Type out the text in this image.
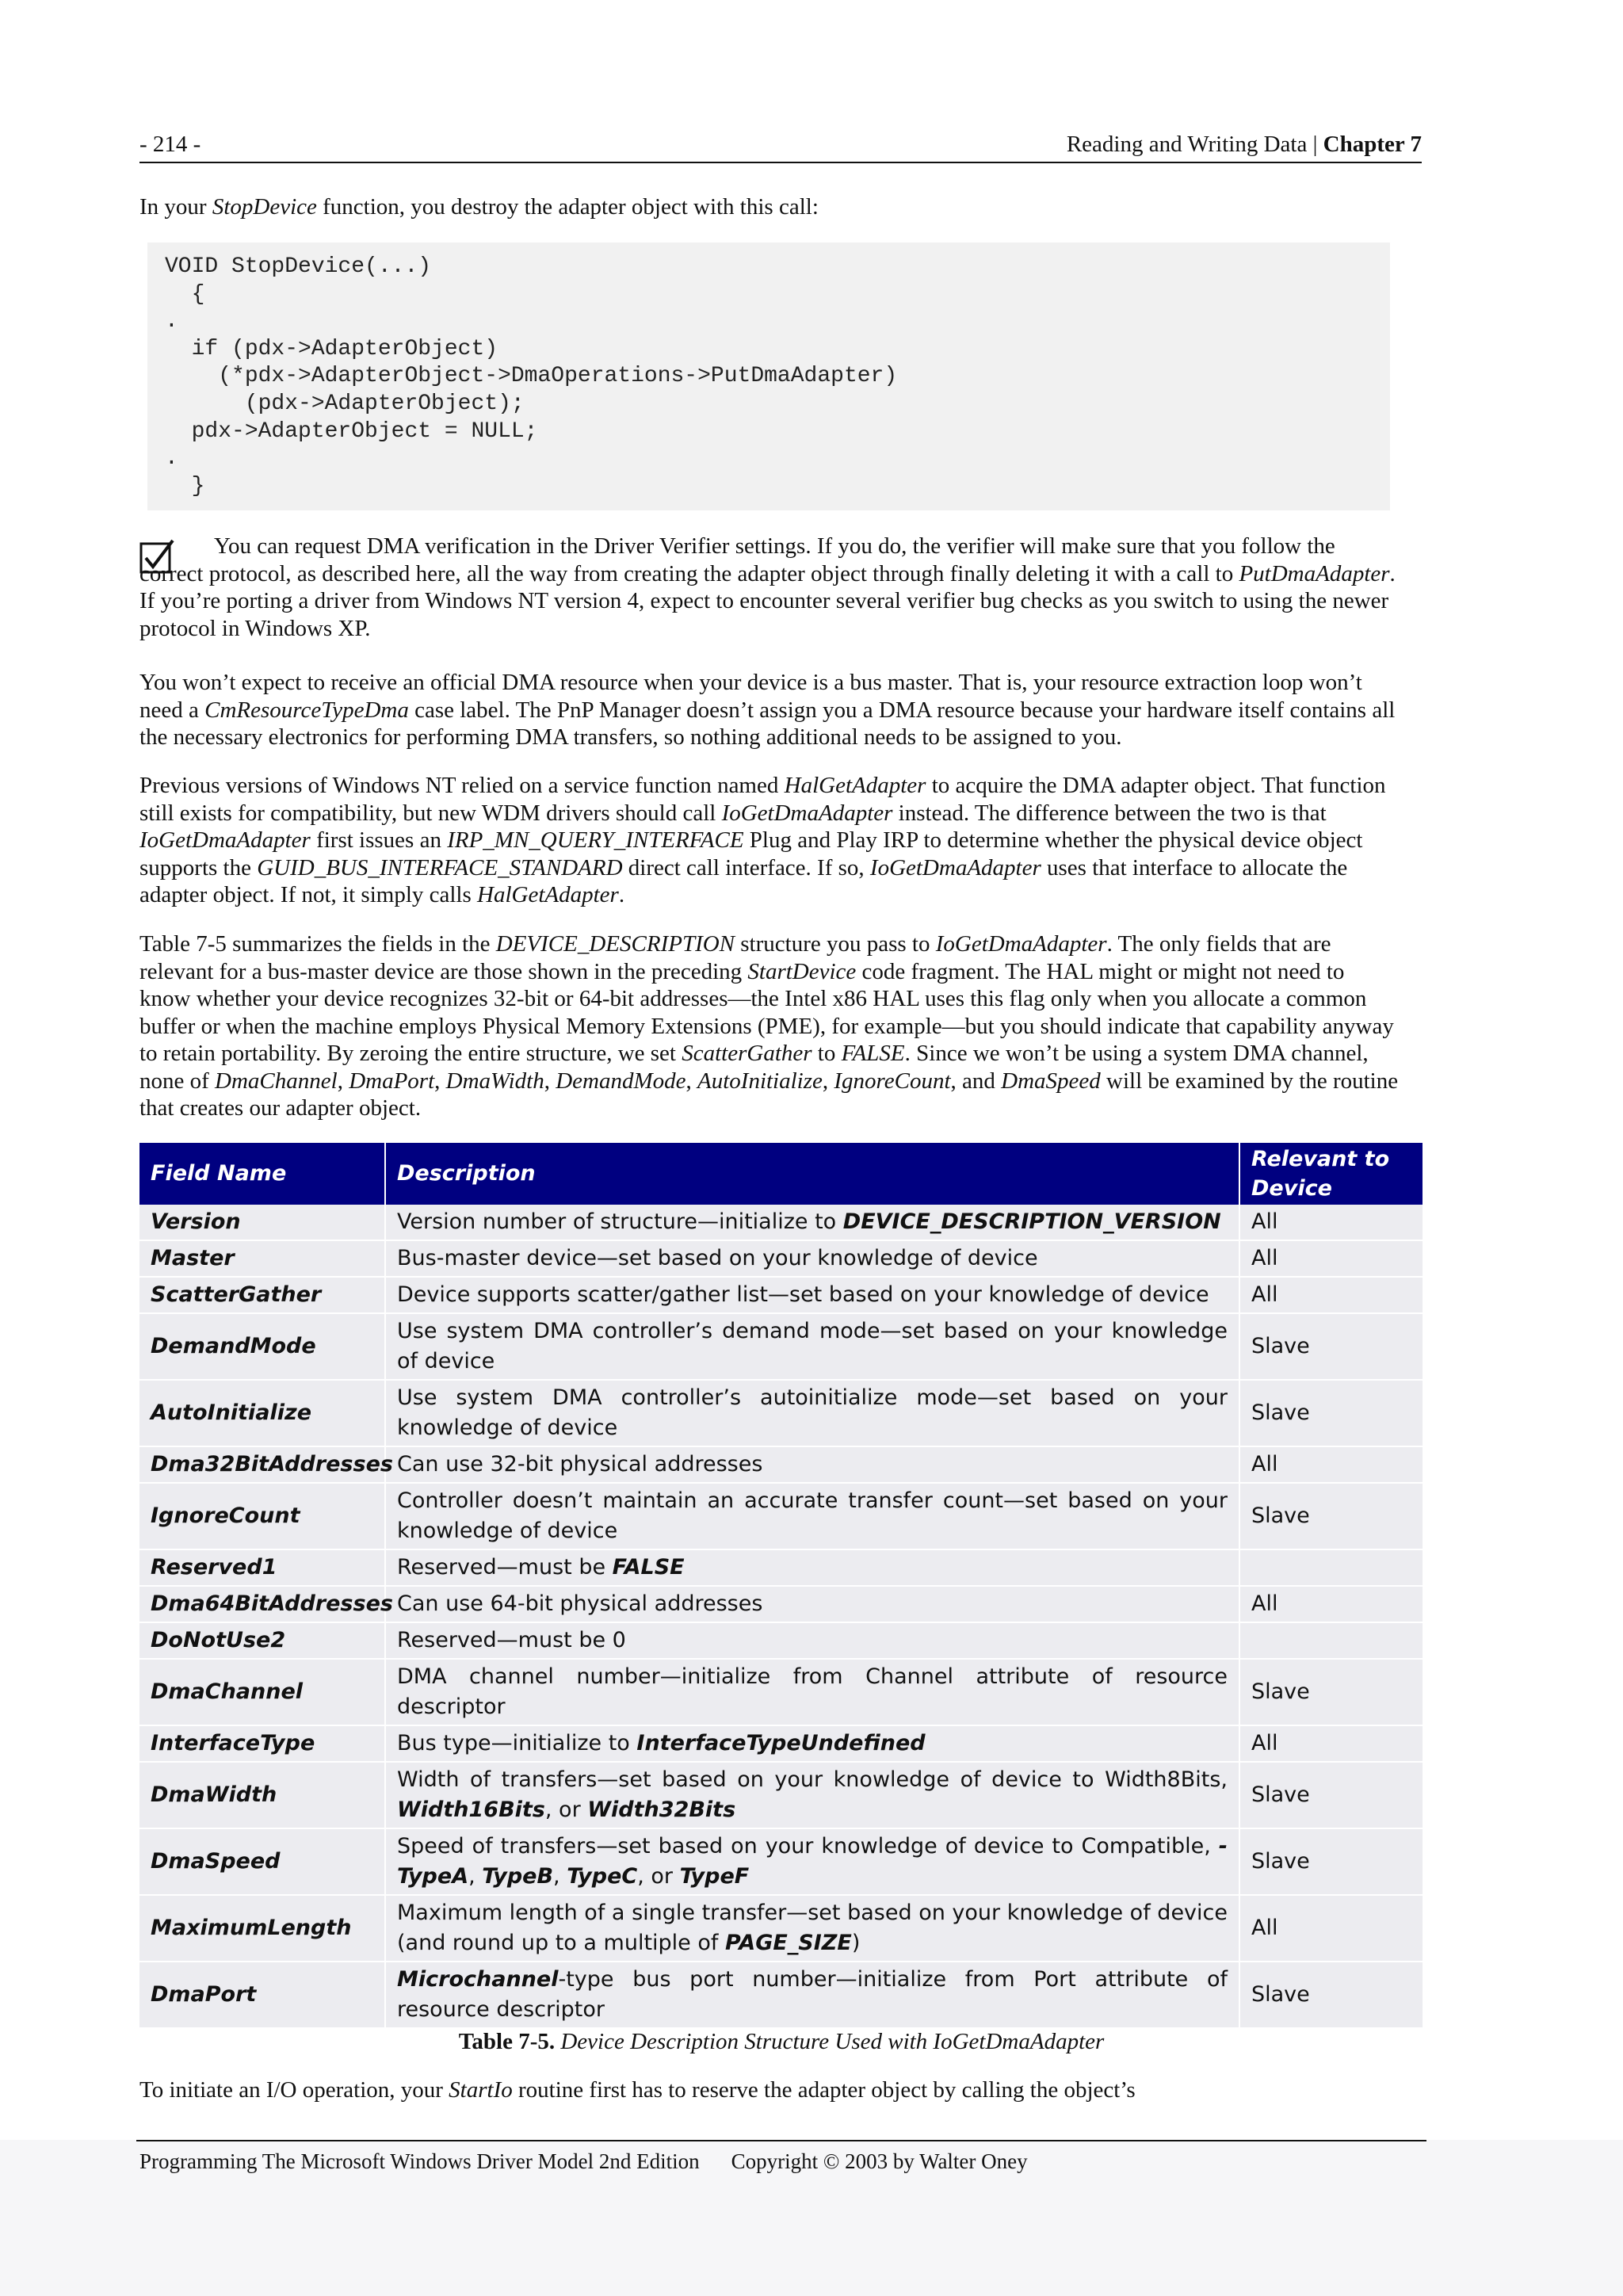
- 214 -	Reading and Writing Data | Chapter 7

In your StopDevice function, you destroy the adapter object with this call:

VOID StopDevice(...)
{
.
if (pdx->AdapterObject)
(*pdx->AdapterObject->DmaOperations->PutDmaAdapter)
(pdx->AdapterObject);
pdx->AdapterObject = NULL;
.
}

You can request DMA verification in the Driver Verifier settings. If you do, the verifier will make sure that you follow the correct protocol, as described here, all the way from creating the adapter object through finally deleting it with a call to PutDmaAdapter. If you’re porting a driver from Windows NT version 4, expect to encounter several verifier bug checks as you switch to using the newer protocol in Windows XP.

You won’t expect to receive an official DMA resource when your device is a bus master. That is, your resource extraction loop won’t need a CmResourceTypeDma case label. The PnP Manager doesn’t assign you a DMA resource because your hardware itself contains all the necessary electronics for performing DMA transfers, so nothing additional needs to be assigned to you.

Previous versions of Windows NT relied on a service function named HalGetAdapter to acquire the DMA adapter object. That function still exists for compatibility, but new WDM drivers should call IoGetDmaAdapter instead. The difference between the two is that IoGetDmaAdapter first issues an IRP_MN_QUERY_INTERFACE Plug and Play IRP to determine whether the physical device object supports the GUID_BUS_INTERFACE_STANDARD direct call interface. If so, IoGetDmaAdapter uses that interface to allocate the adapter object. If not, it simply calls HalGetAdapter.

Table 7-5 summarizes the fields in the DEVICE_DESCRIPTION structure you pass to IoGetDmaAdapter. The only fields that are relevant for a bus-master device are those shown in the preceding StartDevice code fragment. The HAL might or might not need to know whether your device recognizes 32-bit or 64-bit addresses—the Intel x86 HAL uses this flag only when you allocate a common buffer or when the machine employs Physical Memory Extensions (PME), for example—but you should indicate that capability anyway to retain portability. By zeroing the entire structure, we set ScatterGather to FALSE. Since we won’t be using a system DMA channel, none of DmaChannel, DmaPort, DmaWidth, DemandMode, AutoInitialize, IgnoreCount, and DmaSpeed will be examined by the routine that creates our adapter object.

Field Name	Description	Relevant to Device
Version	Version number of structure—initialize to DEVICE_DESCRIPTION_VERSION	All
Master	Bus-master device—set based on your knowledge of device	All
ScatterGather	Device supports scatter/gather list—set based on your knowledge of device	All
DemandMode	Use system DMA controller’s demand mode—set based on your knowledge of device	Slave
AutoInitialize	Use system DMA controller’s autoinitialize mode—set based on your knowledge of device	Slave
Dma32BitAddresses	Can use 32-bit physical addresses	All
IgnoreCount	Controller doesn’t maintain an accurate transfer count—set based on your knowledge of device	Slave
Reserved1	Reserved—must be FALSE	
Dma64BitAddresses	Can use 64-bit physical addresses	All
DoNotUse2	Reserved—must be 0	
DmaChannel	DMA channel number—initialize from Channel attribute of resource descriptor	Slave
InterfaceType	Bus type—initialize to InterfaceTypeUndefined	All
DmaWidth	Width of transfers—set based on your knowledge of device to Width8Bits, Width16Bits, or Width32Bits	Slave
DmaSpeed	Speed of transfers—set based on your knowledge of device to Compatible, -TypeA, TypeB, TypeC, or TypeF	Slave
MaximumLength	Maximum length of a single transfer—set based on your knowledge of device (and round up to a multiple of PAGE_SIZE)	All
DmaPort	Microchannel-type bus port number—initialize from Port attribute of resource descriptor	Slave
Table 7-5. Device Description Structure Used with IoGetDmaAdapter

To initiate an I/O operation, your StartIo routine first has to reserve the adapter object by calling the object’s

Programming The Microsoft Windows Driver Model 2nd Edition Copyright © 2003 by Walter Oney
